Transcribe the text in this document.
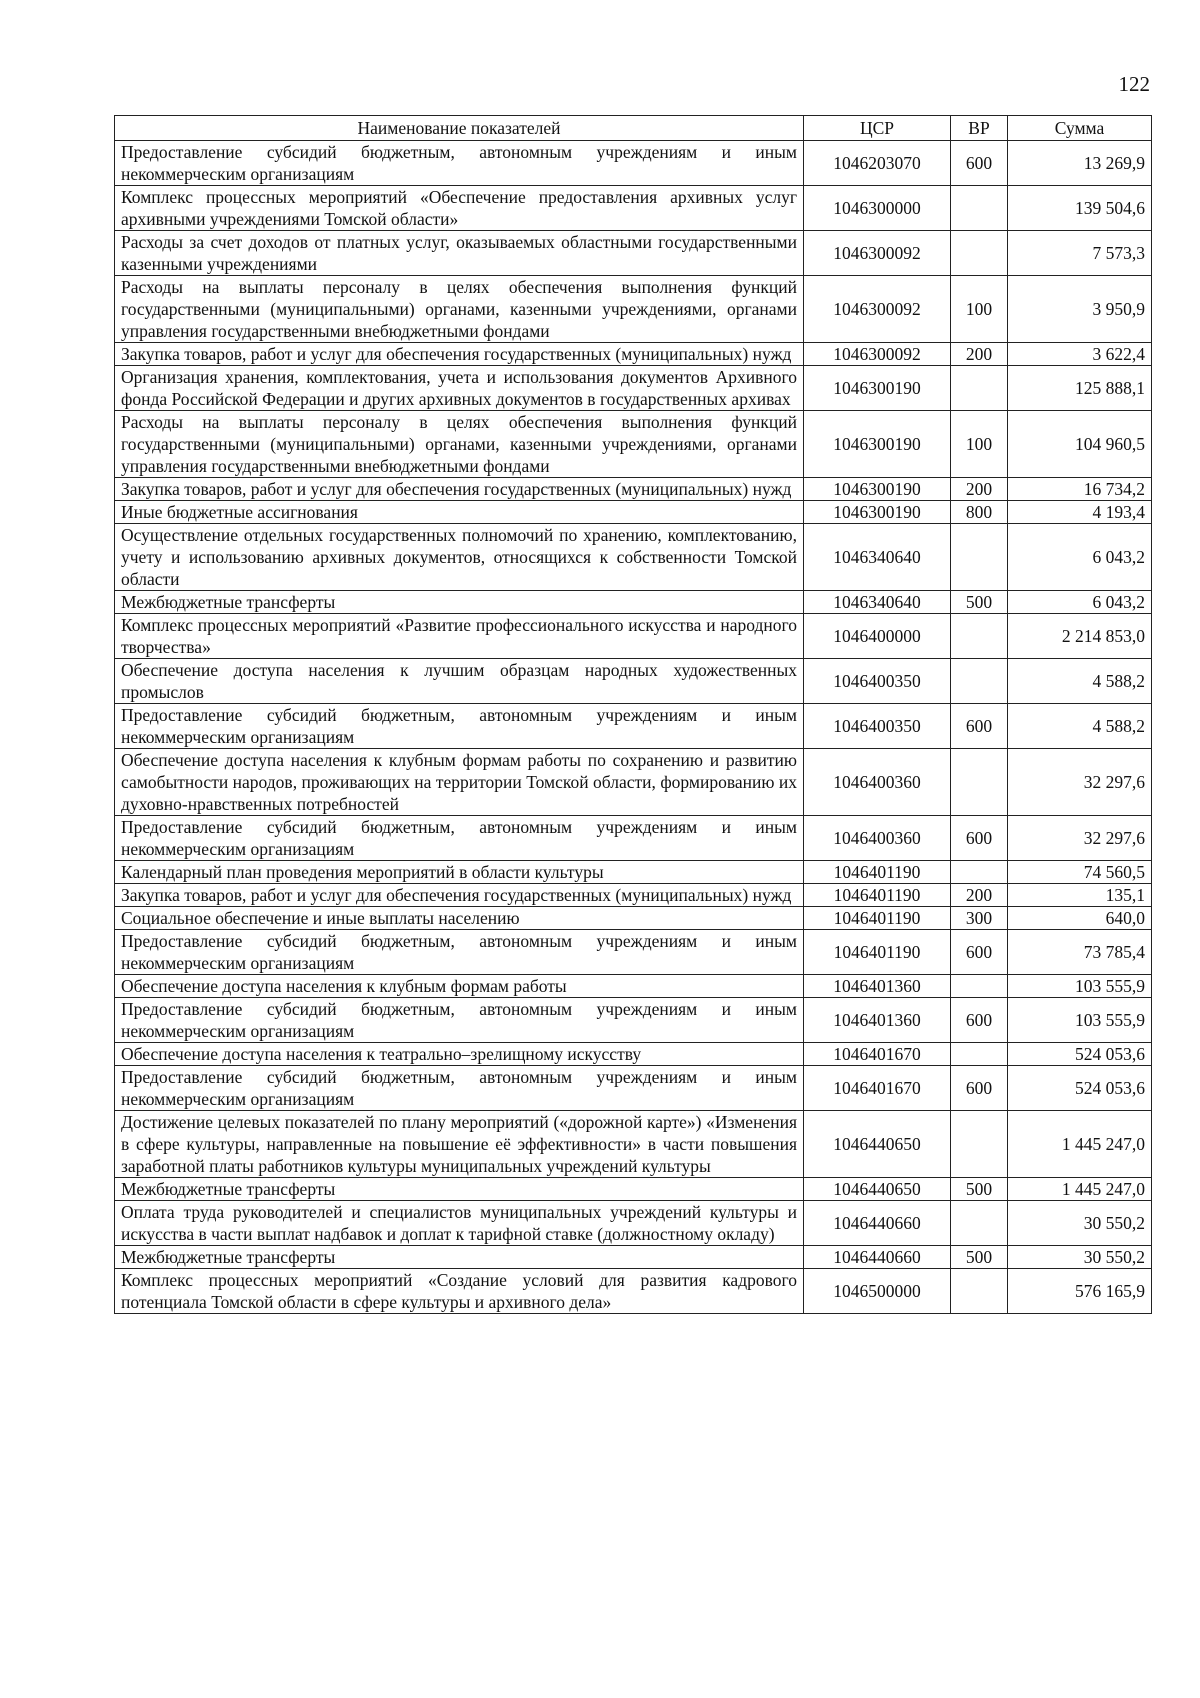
122
Наименование показателей	ЦСР	ВР	Сумма
Предоставление субсидий бюджетным, автономным учреждениям и иным некоммерческим организациям	1046203070	600	13 269,9
Комплекс процессных мероприятий «Обеспечение предоставления архивных услуг архивными учреждениями Томской области»	1046300000		139 504,6
Расходы за счет доходов от платных услуг, оказываемых областными государственными казенными учреждениями	1046300092		7 573,3
Расходы на выплаты персоналу в целях обеспечения выполнения функций государственными (муниципальными) органами, казенными учреждениями, органами управления государственными внебюджетными фондами	1046300092	100	3 950,9
Закупка товаров, работ и услуг для обеспечения государственных (муниципальных) нужд	1046300092	200	3 622,4
Организация хранения, комплектования, учета и использования документов Архивного фонда Российской Федерации и других архивных документов в государственных архивах	1046300190		125 888,1
Расходы на выплаты персоналу в целях обеспечения выполнения функций государственными (муниципальными) органами, казенными учреждениями, органами управления государственными внебюджетными фондами	1046300190	100	104 960,5
Закупка товаров, работ и услуг для обеспечения государственных (муниципальных) нужд	1046300190	200	16 734,2
Иные бюджетные ассигнования	1046300190	800	4 193,4
Осуществление отдельных государственных полномочий по хранению, комплектованию, учету и использованию архивных документов, относящихся к собственности Томской области	1046340640		6 043,2
Межбюджетные трансферты	1046340640	500	6 043,2
Комплекс процессных мероприятий «Развитие профессионального искусства и народного творчества»	1046400000		2 214 853,0
Обеспечение доступа населения к лучшим образцам народных художественных промыслов	1046400350		4 588,2
Предоставление субсидий бюджетным, автономным учреждениям и иным некоммерческим организациям	1046400350	600	4 588,2
Обеспечение доступа населения к клубным формам работы по сохранению и развитию самобытности народов, проживающих на территории Томской области, формированию их духовно-нравственных потребностей	1046400360		32 297,6
Предоставление субсидий бюджетным, автономным учреждениям и иным некоммерческим организациям	1046400360	600	32 297,6
Календарный план проведения мероприятий в области культуры	1046401190		74 560,5
Закупка товаров, работ и услуг для обеспечения государственных (муниципальных) нужд	1046401190	200	135,1
Социальное обеспечение и иные выплаты населению	1046401190	300	640,0
Предоставление субсидий бюджетным, автономным учреждениям и иным некоммерческим организациям	1046401190	600	73 785,4
Обеспечение доступа населения к клубным формам работы	1046401360		103 555,9
Предоставление субсидий бюджетным, автономным учреждениям и иным некоммерческим организациям	1046401360	600	103 555,9
Обеспечение доступа населения к театрально–зрелищному искусству	1046401670		524 053,6
Предоставление субсидий бюджетным, автономным учреждениям и иным некоммерческим организациям	1046401670	600	524 053,6
Достижение целевых показателей по плану мероприятий («дорожной карте») «Изменения в сфере культуры, направленные на повышение её эффективности» в части повышения заработной платы работников культуры муниципальных учреждений культуры	1046440650		1 445 247,0
Межбюджетные трансферты	1046440650	500	1 445 247,0
Оплата труда руководителей и специалистов муниципальных учреждений культуры и искусства в части выплат надбавок и доплат к тарифной ставке (должностному окладу)	1046440660		30 550,2
Межбюджетные трансферты	1046440660	500	30 550,2
Комплекс процессных мероприятий «Создание условий для развития кадрового потенциала Томской области в сфере культуры и архивного дела»	1046500000		576 165,9
